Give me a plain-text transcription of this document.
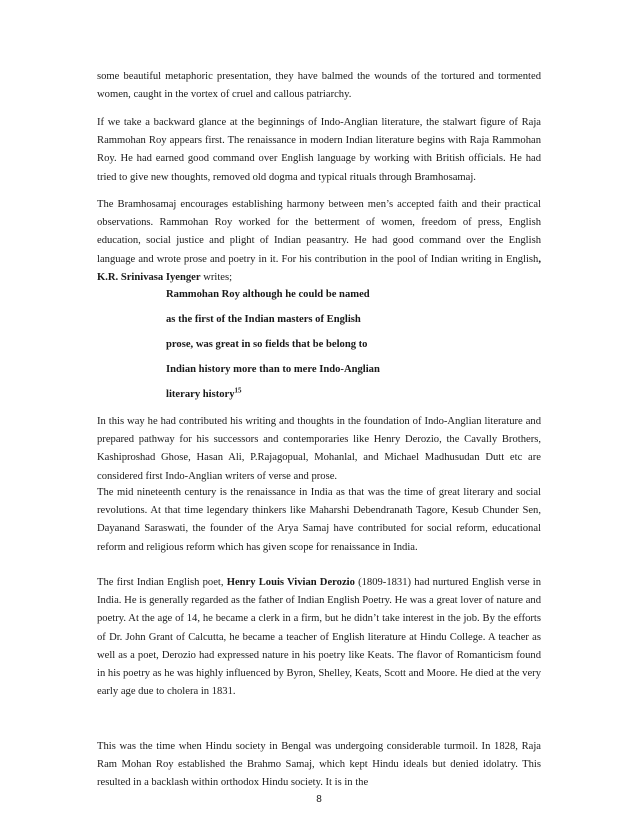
some beautiful metaphoric presentation, they have balmed the wounds of the tortured and tormented women, caught in the vortex of cruel and callous patriarchy.

If we take a backward glance at the beginnings of Indo-Anglian literature, the stalwart figure of Raja Rammohan Roy appears first. The renaissance in modern Indian literature begins with Raja Rammohan Roy. He had earned good command over English language by working with British officials. He had tried to give new thoughts, removed old dogma and typical rituals through Bramhosamaj.

The Bramhosamaj encourages establishing harmony between men’s accepted faith and their practical observations. Rammohan Roy worked for the betterment of women, freedom of press, English education, social justice and plight of Indian peasantry. He had good command over the English language and wrote prose and poetry in it. For his contribution in the pool of Indian writing in English, K.R. Srinivasa Iyenger writes;

Rammohan Roy although he could be named

as the first of the Indian masters of English

prose, was great in so fields that be belong to

Indian history more than to mere Indo-Anglian

literary history$^{15}$

In this way he had contributed his writing and thoughts in the foundation of Indo-Anglian literature and prepared pathway for his successors and contemporaries like Henry Derozio, the Cavally Brothers, Kashiproshad Ghose, Hasan Ali, P.Rajagopual, Mohanlal, and Michael Madhusudan Dutt etc are considered first Indo-Anglian writers of verse and prose.

The mid nineteenth century is the renaissance in India as that was the time of great literary and social revolutions. At that time legendary thinkers like Maharshi Debendranath Tagore, Kesub Chunder Sen, Dayanand Saraswati, the founder of the Arya Samaj have contributed for social reform, educational reform and religious reform which has given scope for renaissance in India.

The first Indian English poet, Henry Louis Vivian Derozio (1809-1831) had nurtured English verse in India. He is generally regarded as the father of Indian English Poetry. He was a great lover of nature and poetry. At the age of 14, he became a clerk in a firm, but he didn’t take interest in the job. By the efforts of Dr. John Grant of Calcutta, he became a teacher of English literature at Hindu College. A teacher as well as a poet, Derozio had expressed nature in his poetry like Keats. The flavor of Romanticism found in his poetry as he was highly influenced by Byron, Shelley, Keats, Scott and Moore. He died at the very early age due to cholera in 1831.

This was the time when Hindu society in Bengal was undergoing considerable turmoil. In 1828, Raja Ram Mohan Roy established the Brahmo Samaj, which kept Hindu ideals but denied idolatry. This resulted in a backlash within orthodox Hindu society. It is in the

8
